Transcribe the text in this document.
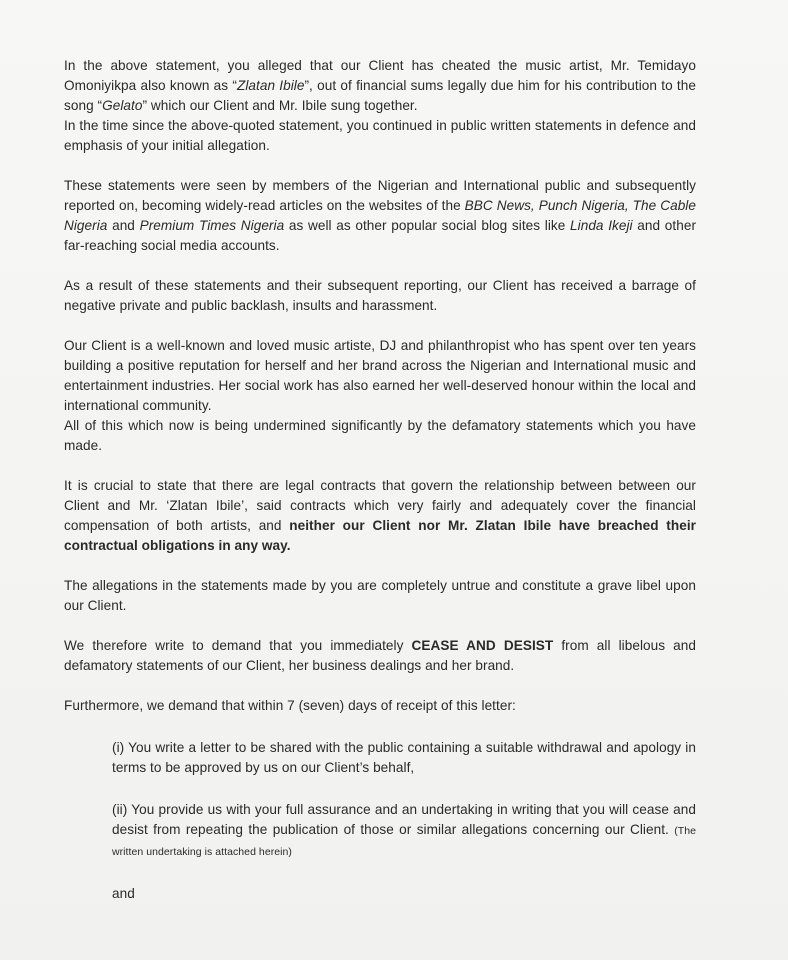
In the above statement, you alleged that our Client has cheated the music artist, Mr. Temidayo Omoniyikpa also known as “Zlatan Ibile”, out of financial sums legally due him for his contribution to the song “Gelato” which our Client and Mr. Ibile sung together.

In the time since the above-quoted statement, you continued in public written statements in defence and emphasis of your initial allegation.

These statements were seen by members of the Nigerian and International public and subsequently reported on, becoming widely-read articles on the websites of the BBC News, Punch Nigeria, The Cable Nigeria and Premium Times Nigeria as well as other popular social blog sites like Linda Ikeji and other far-reaching social media accounts.

As a result of these statements and their subsequent reporting, our Client has received a barrage of negative private and public backlash, insults and harassment.

Our Client is a well-known and loved music artiste, DJ and philanthropist who has spent over ten years building a positive reputation for herself and her brand across the Nigerian and International music and entertainment industries. Her social work has also earned her well-deserved honour within the local and international community.

All of this which now is being undermined significantly by the defamatory statements which you have made.

It is crucial to state that there are legal contracts that govern the relationship between between our Client and Mr. ‘Zlatan Ibile’, said contracts which very fairly and adequately cover the financial compensation of both artists, and neither our Client nor Mr. Zlatan Ibile have breached their contractual obligations in any way.

The allegations in the statements made by you are completely untrue and constitute a grave libel upon our Client.

We therefore write to demand that you immediately CEASE AND DESIST from all libelous and defamatory statements of our Client, her business dealings and her brand.

Furthermore, we demand that within 7 (seven) days of receipt of this letter:

(i) You write a letter to be shared with the public containing a suitable withdrawal and apology in terms to be approved by us on our Client’s behalf,

(ii) You provide us with your full assurance and an undertaking in writing that you will cease and desist from repeating the publication of those or similar allegations concerning our Client. (The written undertaking is attached herein)

and
